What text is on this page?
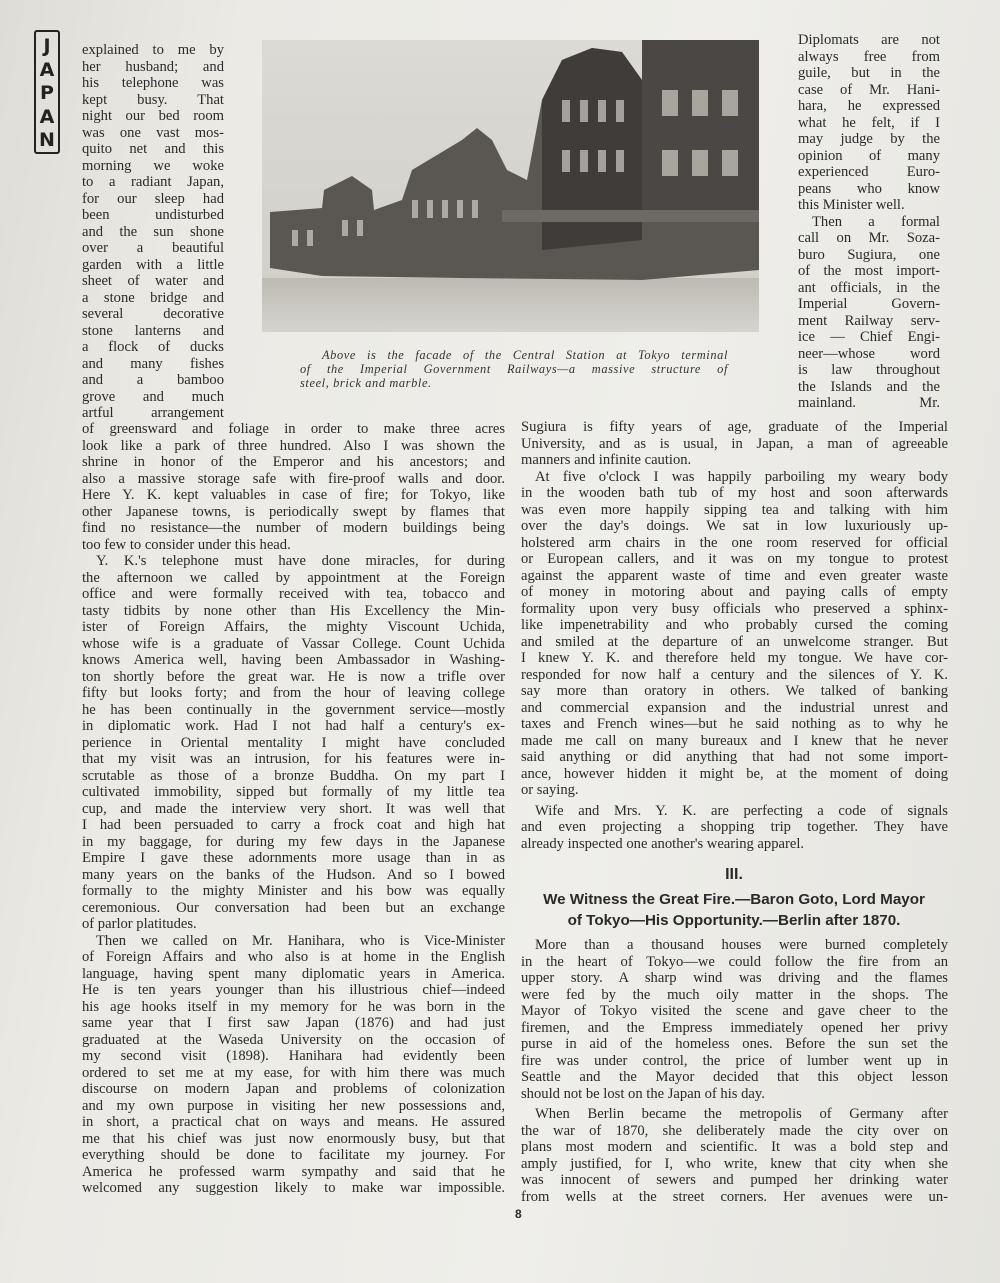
J
A
P
A
N
explained to me by
her husband; and
his telephone was
kept busy. That
night our bed room
was one vast mos-
quito net and this
morning we woke
to a radiant Japan,
for our sleep had
been undisturbed
and the sun shone
over a beautiful
garden with a little
sheet of water and
a stone bridge and
several decorative
stone lanterns and
a flock of ducks
and many fishes
and a bamboo
grove and much
artful arrangement
Above is the facade of the Central Station at Tokyo terminal
of the Imperial Government Railways—a massive structure of
steel, brick and marble.
Diplomats are not
always free from
guile, but in the
case of Mr. Hani-
hara, he expressed
what he felt, if I
may judge by the
opinion of many
experienced Euro-
peans who know
this Minister well.
Then a formal
call on Mr. Soza-
buro Sugiura, one
of the most import-
ant officials, in the
Imperial Govern-
ment Railway serv-
ice — Chief Engi-
neer—whose word
is law throughout
the Islands and the
mainland. Mr.
of greensward and foliage in order to make three acres
look like a park of three hundred. Also I was shown the
shrine in honor of the Emperor and his ancestors; and
also a massive storage safe with fire-proof walls and door.
Here Y. K. kept valuables in case of fire; for Tokyo, like
other Japanese towns, is periodically swept by flames that
find no resistance—the number of modern buildings being
too few to consider under this head.
Y. K.'s telephone must have done miracles, for during
the afternoon we called by appointment at the Foreign
office and were formally received with tea, tobacco and
tasty tidbits by none other than His Excellency the Min-
ister of Foreign Affairs, the mighty Viscount Uchida,
whose wife is a graduate of Vassar College. Count Uchida
knows America well, having been Ambassador in Washing-
ton shortly before the great war. He is now a trifle over
fifty but looks forty; and from the hour of leaving college
he has been continually in the government service—mostly
in diplomatic work. Had I not had half a century's ex-
perience in Oriental mentality I might have concluded
that my visit was an intrusion, for his features were in-
scrutable as those of a bronze Buddha. On my part I
cultivated immobility, sipped but formally of my little tea
cup, and made the interview very short. It was well that
I had been persuaded to carry a frock coat and high hat
in my baggage, for during my few days in the Japanese
Empire I gave these adornments more usage than in as
many years on the banks of the Hudson. And so I bowed
formally to the mighty Minister and his bow was equally
ceremonious. Our conversation had been but an exchange
of parlor platitudes.
Then we called on Mr. Hanihara, who is Vice-Minister
of Foreign Affairs and who also is at home in the English
language, having spent many diplomatic years in America.
He is ten years younger than his illustrious chief—indeed
his age hooks itself in my memory for he was born in the
same year that I first saw Japan (1876) and had just
graduated at the Waseda University on the occasion of
my second visit (1898). Hanihara had evidently been
ordered to set me at my ease, for with him there was much
discourse on modern Japan and problems of colonization
and my own purpose in visiting her new possessions and,
in short, a practical chat on ways and means. He assured
me that his chief was just now enormously busy, but that
everything should be done to facilitate my journey. For
America he professed warm sympathy and said that he
welcomed any suggestion likely to make war impossible.
Sugiura is fifty years of age, graduate of the Imperial
University, and as is usual, in Japan, a man of agreeable
manners and infinite caution.
At five o'clock I was happily parboiling my weary body
in the wooden bath tub of my host and soon afterwards
was even more happily sipping tea and talking with him
over the day's doings. We sat in low luxuriously up-
holstered arm chairs in the one room reserved for official
or European callers, and it was on my tongue to protest
against the apparent waste of time and even greater waste
of money in motoring about and paying calls of empty
formality upon very busy officials who preserved a sphinx-
like impenetrability and who probably cursed the coming
and smiled at the departure of an unwelcome stranger. But
I knew Y. K. and therefore held my tongue. We have cor-
responded for now half a century and the silences of Y. K.
say more than oratory in others. We talked of banking
and commercial expansion and the industrial unrest and
taxes and French wines—but he said nothing as to why he
made me call on many bureaux and I knew that he never
said anything or did anything that had not some import-
ance, however hidden it might be, at the moment of doing
or saying.
Wife and Mrs. Y. K. are perfecting a code of signals
and even projecting a shopping trip together. They have
already inspected one another's wearing apparel.
III.
We Witness the Great Fire.—Baron Goto, Lord Mayor
of Tokyo—His Opportunity.—Berlin after 1870.
More than a thousand houses were burned completely
in the heart of Tokyo—we could follow the fire from an
upper story. A sharp wind was driving and the flames
were fed by the much oily matter in the shops. The
Mayor of Tokyo visited the scene and gave cheer to the
firemen, and the Empress immediately opened her privy
purse in aid of the homeless ones. Before the sun set the
fire was under control, the price of lumber went up in
Seattle and the Mayor decided that this object lesson
should not be lost on the Japan of his day.
When Berlin became the metropolis of Germany after
the war of 1870, she deliberately made the city over on
plans most modern and scientific. It was a bold step and
amply justified, for I, who write, knew that city when she
was innocent of sewers and pumped her drinking water
from wells at the street corners. Her avenues were un-
8
